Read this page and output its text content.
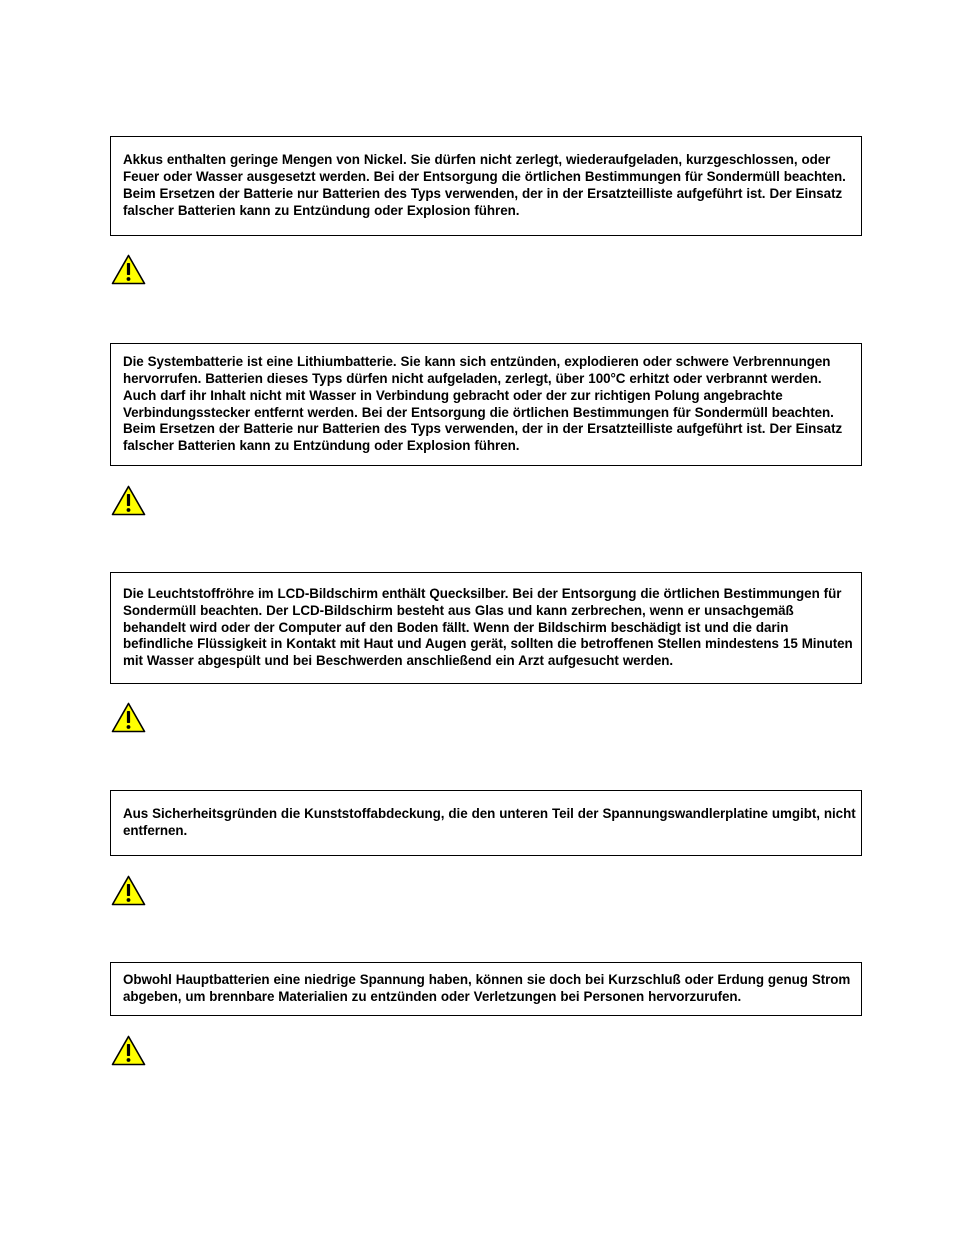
Akkus enthalten geringe Mengen von Nickel. Sie dürfen nicht zerlegt, wiederaufgeladen, kurzgeschlossen, oder Feuer oder Wasser ausgesetzt werden. Bei der Entsorgung die örtlichen Bestimmungen für Sondermüll beachten. Beim Ersetzen der Batterie nur Batterien des Typs verwenden, der in der Ersatzteilliste aufgeführt ist. Der Einsatz falscher Batterien kann zu Entzündung oder Explosion führen.

Die Systembatterie ist eine Lithiumbatterie. Sie kann sich entzünden, explodieren oder schwere Verbrennungen hervorrufen. Batterien dieses Typs dürfen nicht aufgeladen, zerlegt, über 100°C erhitzt oder verbrannt werden. Auch darf ihr Inhalt nicht mit Wasser in Verbindung gebracht oder der zur richtigen Polung angebrachte Verbindungsstecker entfernt werden. Bei der Entsorgung die örtlichen Bestimmungen für Sondermüll beachten. Beim Ersetzen der Batterie nur Batterien des Typs verwenden, der in der Ersatzteilliste aufgeführt ist. Der Einsatz falscher Batterien kann zu Entzündung oder Explosion führen.

Die Leuchtstoffröhre im LCD-Bildschirm enthält Quecksilber. Bei der Entsorgung die örtlichen Bestimmungen für Sondermüll beachten. Der LCD-Bildschirm besteht aus Glas und kann zerbrechen, wenn er unsachgemäß behandelt wird oder der Computer auf den Boden fällt. Wenn der Bildschirm beschädigt ist und die darin befindliche Flüssigkeit in Kontakt mit Haut und Augen gerät, sollten die betroffenen Stellen mindestens 15 Minuten mit Wasser abgespült und bei Beschwerden anschließend ein Arzt aufgesucht werden.

Aus Sicherheitsgründen die Kunststoffabdeckung, die den unteren Teil der Spannungswandlerplatine umgibt, nicht entfernen.

Obwohl Hauptbatterien eine niedrige Spannung haben, können sie doch bei Kurzschluß oder Erdung genug Strom abgeben, um brennbare Materialien zu entzünden oder Verletzungen bei Personen hervorzurufen.
